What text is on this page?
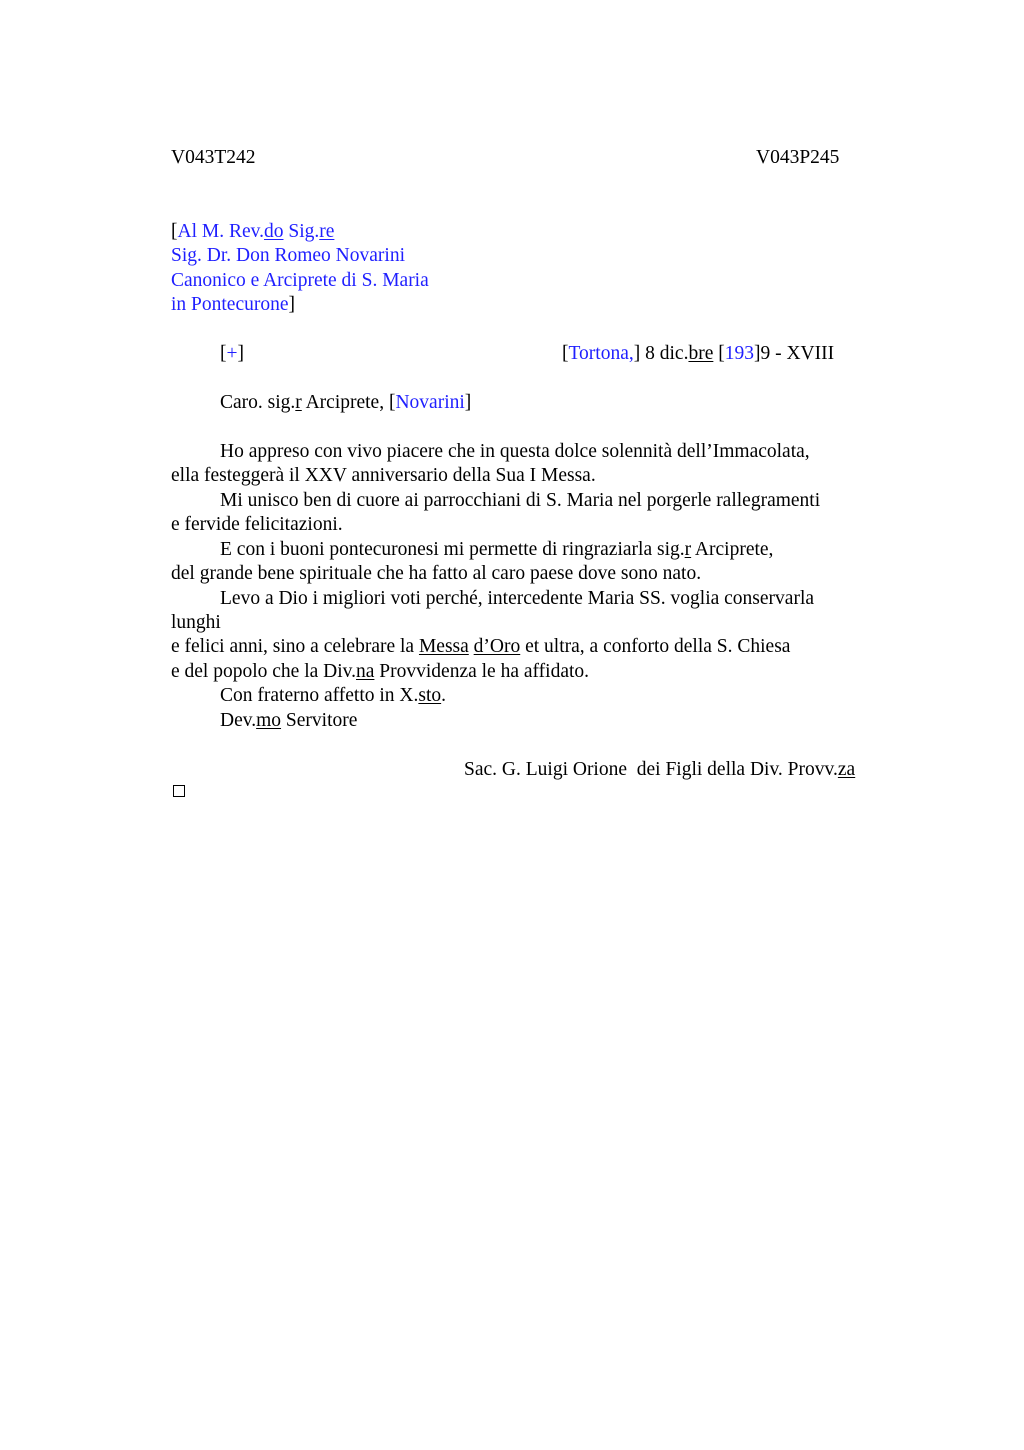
V043T242	V043P245
[Al M. Rev.do Sig.re
Sig. Dr. Don Romeo Novarini
Canonico e Arciprete di S. Maria
in Pontecurone]
[+]	[Tortona,] 8 dic.bre [193]9 - XVIII
Caro. sig.r Arciprete, [Novarini]
Ho appreso con vivo piacere che in questa dolce solennità dell’Immacolata,
ella festeggerà il XXV anniversario della Sua I Messa.
Mi unisco ben di cuore ai parrocchiani di S. Maria nel porgerle rallegramenti
e fervide felicitazioni.
E con i buoni pontecuronesi mi permette di ringraziarla sig.r Arciprete,
del grande bene spirituale che ha fatto al caro paese dove sono nato.
Levo a Dio i migliori voti perché, intercedente Maria SS. voglia conservarla
lunghi
e felici anni, sino a celebrare la Messa d’Oro et ultra, a conforto della S. Chiesa
e del popolo che la Div.na Provvidenza le ha affidato.
Con fraterno affetto in X.sto.
Dev.mo Servitore
Sac. G. Luigi Orione  dei Figli della Div. Provv.za
